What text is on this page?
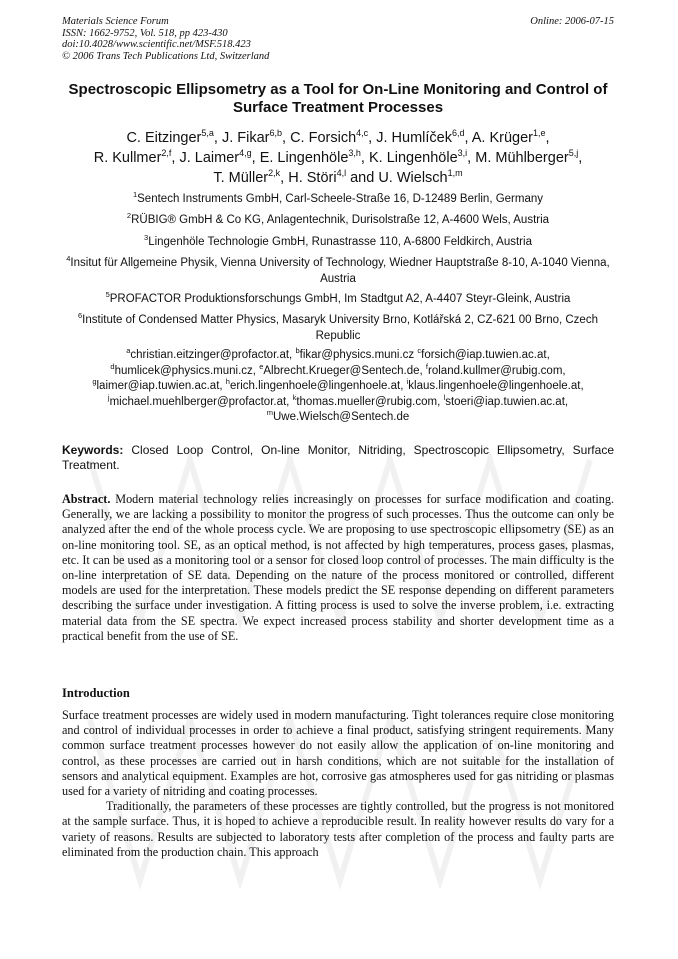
Materials Science Forum
ISSN: 1662-9752, Vol. 518, pp 423-430
doi:10.4028/www.scientific.net/MSF.518.423
© 2006 Trans Tech Publications Ltd, Switzerland
Online: 2006-07-15
Spectroscopic Ellipsometry as a Tool for On-Line Monitoring and Control of Surface Treatment Processes
C. Eitzinger$^{5,a}$, J. Fikar$^{6,b}$, C. Forsich$^{4,c}$, J. Humlíček$^{6,d}$, A. Krüger$^{1,e}$,
R. Kullmer$^{2,f}$, J. Laimer$^{4,g}$, E. Lingenhöle$^{3,h}$, K. Lingenhöle$^{3,i}$, M. Mühlberger$^{5,j}$,
T. Müller$^{2,k}$, H. Störi$^{4,l}$ and U. Wielsch$^{1,m}$
$^1$Sentech Instruments GmbH, Carl-Scheele-Straße 16, D-12489 Berlin, Germany
$^2$RÜBIG® GmbH & Co KG, Anlagentechnik, Durisolstraße 12, A-4600 Wels, Austria
$^3$Lingenhöle Technologie GmbH, Runastrasse 110, A-6800 Feldkirch, Austria
$^4$Insitut für Allgemeine Physik, Vienna University of Technology, Wiedner Hauptstraße 8-10, A-1040 Vienna, Austria
$^5$PROFACTOR Produktionsforschungs GmbH, Im Stadtgut A2, A-4407 Steyr-Gleink, Austria
$^6$Institute of Condensed Matter Physics, Masaryk University Brno, Kotlářská 2, CZ-621 00 Brno, Czech Republic
$^a$christian.eitzinger@profactor.at, $^b$fikar@physics.muni.cz $^c$forsich@iap.tuwien.ac.at,
$^d$humlicek@physics.muni.cz, $^e$Albrecht.Krueger@Sentech.de, $^f$roland.kullmer@rubig.com,
$^g$laimer@iap.tuwien.ac.at, $^h$erich.lingenhoele@lingenhoele.at, $^i$klaus.lingenhoele@lingenhoele.at,
$^j$michael.muehlberger@profactor.at, $^k$thomas.mueller@rubig.com, $^l$stoeri@iap.tuwien.ac.at,
$^m$Uwe.Wielsch@Sentech.de
Keywords: Closed Loop Control, On-line Monitor, Nitriding, Spectroscopic Ellipsometry, Surface Treatment.

Abstract. Modern material technology relies increasingly on processes for surface modification and coating. Generally, we are lacking a possibility to monitor the progress of such processes. Thus the outcome can only be analyzed after the end of the whole process cycle. We are proposing to use spectroscopic ellipsometry (SE) as an on-line monitoring tool. SE, as an optical method, is not affected by high temperatures, process gases, plasmas, etc. It can be used as a monitoring tool or a sensor for closed loop control of processes. The main difficulty is the on-line interpretation of SE data. Depending on the nature of the process monitored or controlled, different models are used for the interpretation. These models predict the SE response depending on different parameters describing the surface under investigation. A fitting process is used to solve the inverse problem, i.e. extracting material data from the SE spectra. We expect increased process stability and shorter development time as a practical benefit from the use of SE.

Introduction

Surface treatment processes are widely used in modern manufacturing. Tight tolerances require close monitoring and control of individual processes in order to achieve a final product, satisfying stringent requirements. Many common surface treatment processes however do not easily allow the application of on-line monitoring and control, as these processes are carried out in harsh conditions, which are not suitable for the installation of sensors and analytical equipment. Examples are hot, corrosive gas atmospheres used for gas nitriding or plasmas used for a variety of nitriding and coating processes.

Traditionally, the parameters of these processes are tightly controlled, but the progress is not monitored at the sample surface. Thus, it is hoped to achieve a reproducible result. In reality however results do vary for a variety of reasons. Results are subjected to laboratory tests after completion of the process and faulty parts are eliminated from the production chain. This approach
